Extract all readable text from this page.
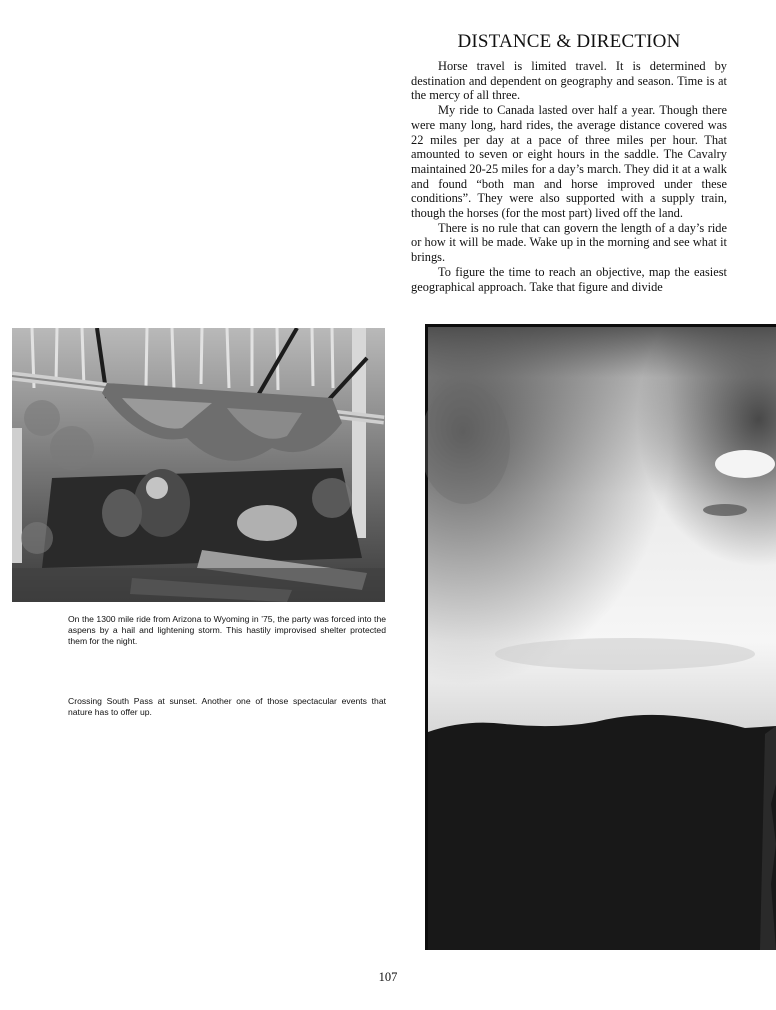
DISTANCE & DIRECTION

Horse travel is limited travel. It is determined by destination and dependent on geography and season. Time is at the mercy of all three.

My ride to Canada lasted over half a year. Though there were many long, hard rides, the average distance covered was 22 miles per day at a pace of three miles per hour. That amounted to seven or eight hours in the saddle. The Cavalry maintained 20-25 miles for a day’s march. They did it at a walk and found “both man and horse improved under these conditions”. They were also supported with a supply train, though the horses (for the most part) lived off the land.

There is no rule that can govern the length of a day’s ride or how it will be made. Wake up in the morning and see what it brings.

To figure the time to reach an objective, map the easiest geographical approach. Take that figure and divide

On the 1300 mile ride from Arizona to Wyoming in ’75, the party was forced into the aspens by a hail and lightening storm. This hastily improvised shelter protected them for the night.

Crossing South Pass at sunset. Another one of those spectacular events that nature has to offer up.

107
